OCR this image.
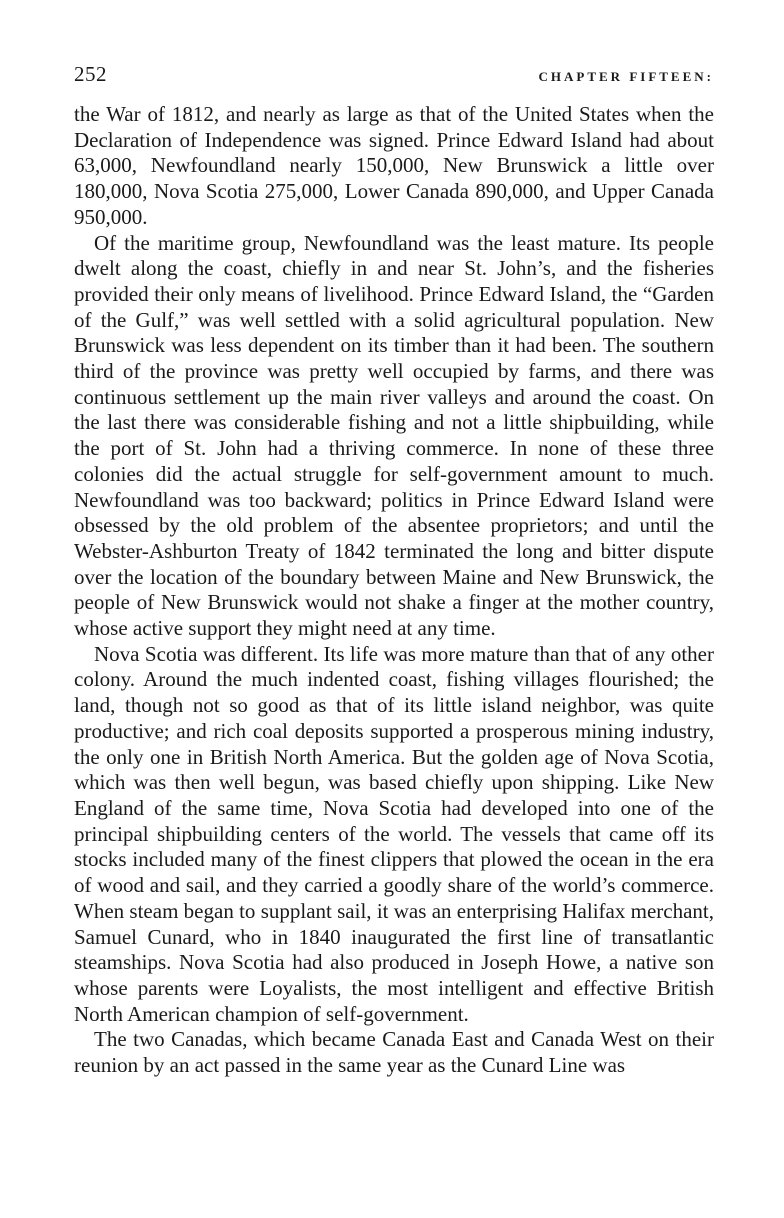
252	CHAPTER FIFTEEN:

the War of 1812, and nearly as large as that of the United States when the Declaration of Independence was signed. Prince Edward Island had about 63,000, Newfoundland nearly 150,000, New Brunswick a little over 180,000, Nova Scotia 275,000, Lower Canada 890,000, and Upper Canada 950,000.

Of the maritime group, Newfoundland was the least mature. Its people dwelt along the coast, chiefly in and near St. John’s, and the fisheries provided their only means of livelihood. Prince Edward Island, the “Garden of the Gulf,” was well settled with a solid agricultural population. New Brunswick was less dependent on its timber than it had been. The southern third of the province was pretty well occupied by farms, and there was continuous settlement up the main river valleys and around the coast. On the last there was considerable fishing and not a little shipbuilding, while the port of St. John had a thriving commerce. In none of these three colonies did the actual struggle for self-government amount to much. Newfoundland was too backward; politics in Prince Edward Island were obsessed by the old problem of the absentee proprietors; and until the Webster-Ashburton Treaty of 1842 terminated the long and bitter dispute over the location of the boundary between Maine and New Brunswick, the people of New Brunswick would not shake a finger at the mother country, whose active support they might need at any time.

Nova Scotia was different. Its life was more mature than that of any other colony. Around the much indented coast, fishing villages flourished; the land, though not so good as that of its little island neighbor, was quite productive; and rich coal deposits supported a prosperous mining industry, the only one in British North America. But the golden age of Nova Scotia, which was then well begun, was based chiefly upon shipping. Like New England of the same time, Nova Scotia had developed into one of the principal shipbuilding centers of the world. The vessels that came off its stocks included many of the finest clippers that plowed the ocean in the era of wood and sail, and they carried a goodly share of the world’s commerce. When steam began to supplant sail, it was an enterprising Halifax merchant, Samuel Cunard, who in 1840 inaugurated the first line of transatlantic steamships. Nova Scotia had also produced in Joseph Howe, a native son whose parents were Loyalists, the most intelligent and effective British North American champion of self-government.

The two Canadas, which became Canada East and Canada West on their reunion by an act passed in the same year as the Cunard Line was
